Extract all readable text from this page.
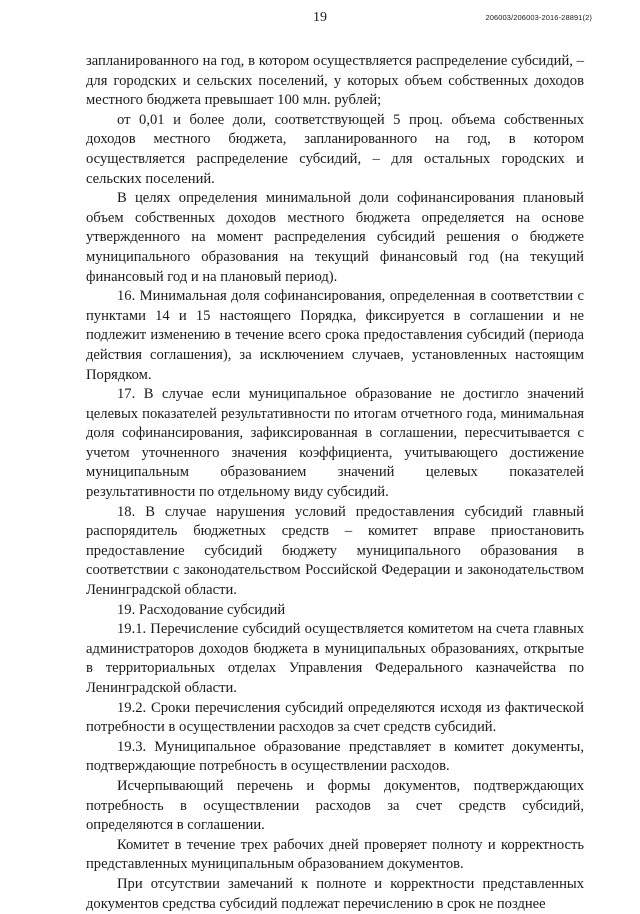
19	206003/206003-2016-28891(2)

запланированного на год, в котором осуществляется распределение субсидий, – для городских и сельских поселений, у которых объем собственных доходов местного бюджета превышает 100 млн. рублей;

от 0,01 и более доли, соответствующей 5 проц. объема собственных доходов местного бюджета, запланированного на год, в котором осуществляется распределение субсидий, – для остальных городских и сельских поселений.

В целях определения минимальной доли софинансирования плановый объем собственных доходов местного бюджета определяется на основе утвержденного на момент распределения субсидий решения о бюджете муниципального образования на текущий финансовый год (на текущий финансовый год и на плановый период).

16. Минимальная доля софинансирования, определенная в соответствии с пунктами 14 и 15 настоящего Порядка, фиксируется в соглашении и не подлежит изменению в течение всего срока предоставления субсидий (периода действия соглашения), за исключением случаев, установленных настоящим Порядком.

17. В случае если муниципальное образование не достигло значений целевых показателей результативности по итогам отчетного года, минимальная доля софинансирования, зафиксированная в соглашении, пересчитывается с учетом уточненного значения коэффициента, учитывающего достижение муниципальным образованием значений целевых показателей результативности по отдельному виду субсидий.

18. В случае нарушения условий предоставления субсидий главный распорядитель бюджетных средств – комитет вправе приостановить предоставление субсидий бюджету муниципального образования в соответствии с законодательством Российской Федерации и законодательством Ленинградской области.

19. Расходование субсидий

19.1. Перечисление субсидий осуществляется комитетом на счета главных администраторов доходов бюджета в муниципальных образованиях, открытые в территориальных отделах Управления Федерального казначейства по Ленинградской области.

19.2. Сроки перечисления субсидий определяются исходя из фактической потребности в осуществлении расходов за счет средств субсидий.

19.3. Муниципальное образование представляет в комитет документы, подтверждающие потребность в осуществлении расходов.

Исчерпывающий перечень и формы документов, подтверждающих потребность в осуществлении расходов за счет средств субсидий, определяются в соглашении.

Комитет в течение трех рабочих дней проверяет полноту и корректность представленных муниципальным образованием документов.

При отсутствии замечаний к полноте и корректности представленных документов средства субсидий подлежат перечислению в срок не позднее
